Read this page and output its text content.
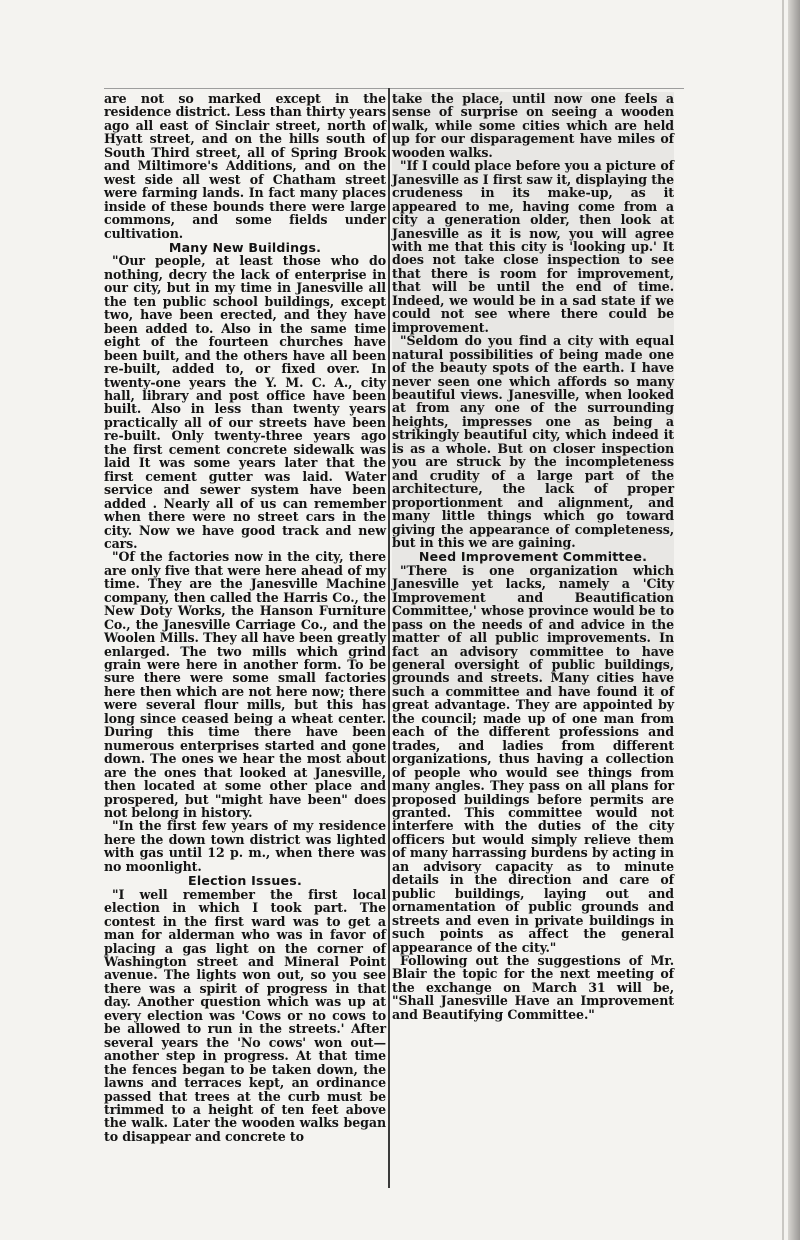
are not so marked except in the residence district. Less than thirty years ago all east of Sinclair street, north of Hyatt street, and on the hills south of South Third street, all of Spring Brook and Miltimore's Additions, and on the west side all west of Chatham street were farming lands. In fact many places inside of these bounds there were large commons, and some fields under cultivation.

Many New Buildings.

"Our people, at least those who do nothing, decry the lack of enterprise in our city, but in my time in Janesville all the ten public school buildings, except two, have been erected, and they have been added to. Also in the same time eight of the fourteen churches have been built, and the others have all been re-built, added to, or fixed over. In twenty-one years the Y. M. C. A., city hall, library and post office have been built. Also in less than twenty years practically all of our streets have been re-built. Only twenty-three years ago the first cement concrete sidewalk was laid It was some years later that the first cement gutter was laid. Water service and sewer system have been added . Nearly all of us can remember when there were no street cars in the city. Now we have good track and new cars.

"Of the factories now in the city, there are only five that were here ahead of my time. They are the Janesville Machine company, then called the Harris Co., the New Doty Works, the Hanson Furniture Co., the Janesville Carriage Co., and the Woolen Mills. They all have been greatly enlarged. The two mills which grind grain were here in another form. To be sure there were some small factories here then which are not here now; there were several flour mills, but this has long since ceased being a wheat center. During this time there have been numerous enterprises started and gone down. The ones we hear the most about are the ones that looked at Janesville, then located at some other place and prospered, but "might have been" does not belong in history.

"In the first few years of my residence here the down town district was lighted with gas until 12 p. m., when there was no moonlight.

Election Issues.

"I well remember the first local election in which I took part. The contest in the first ward was to get a man for alderman who was in favor of placing a gas light on the corner of Washington street and Mineral Point avenue. The lights won out, so you see there was a spirit of progress in that day. Another question which was up at every election was 'Cows or no cows to be allowed to run in the streets.' After several years the 'No cows' won out—another step in progress. At that time the fences began to be taken down, the lawns and terraces kept, an ordinance passed that trees at the curb must be trimmed to a height of ten feet above the walk. Later the wooden walks began to disappear and concrete to

take the place, until now one feels a sense of surprise on seeing a wooden walk, while some cities which are held up for our disparagement have miles of wooden walks.

"If I could place before you a picture of Janesville as I first saw it, displaying the crudeness in its make-up, as it appeared to me, having come from a city a generation older, then look at Janesville as it is now, you will agree with me that this city is 'looking up.' It does not take close inspection to see that there is room for improvement, that will be until the end of time. Indeed, we would be in a sad state if we could not see where there could be improvement.

"Seldom do you find a city with equal natural possibilities of being made one of the beauty spots of the earth. I have never seen one which affords so many beautiful views. Janesville, when looked at from any one of the surrounding heights, impresses one as being a strikingly beautiful city, which indeed it is as a whole. But on closer inspection you are struck by the incompleteness and crudity of a large part of the architecture, the lack of proper proportionment and alignment, and many little things which go toward giving the appearance of completeness, but in this we are gaining.

Need Improvement Committee.

"There is one organization which Janesville yet lacks, namely a 'City Improvement and Beautification Committee,' whose province would be to pass on the needs of and advice in the matter of all public improvements. In fact an advisory committee to have general oversight of public buildings, grounds and streets. Many cities have such a committee and have found it of great advantage. They are appointed by the council; made up of one man from each of the different professions and trades, and ladies from different organizations, thus having a collection of people who would see things from many angles. They pass on all plans for proposed buildings before permits are granted. This committee would not interfere with the duties of the city officers but would simply relieve them of many harrassing burdens by acting in an advisory capacity as to minute details in the direction and care of public buildings, laying out and ornamentation of public grounds and streets and even in private buildings in such points as affect the general appearance of the city."

Following out the suggestions of Mr. Blair the topic for the next meeting of the exchange on March 31 will be, "Shall Janesville Have an Improvement and Beautifying Committee."
